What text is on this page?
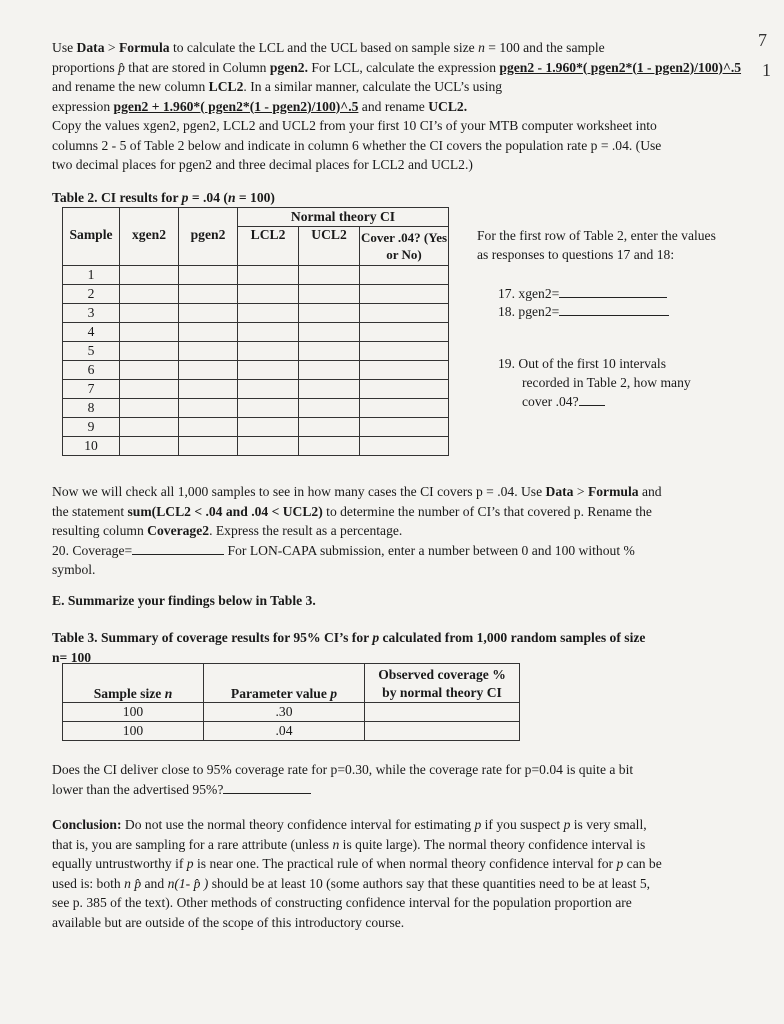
7
1
Use Data > Formula to calculate the LCL and the UCL based on sample size n = 100 and the sample
proportions p̂ that are stored in Column pgen2. For LCL, calculate the expression pgen2 - 1.960*( pgen2*(1 - pgen2)/100)^.5 and rename the new column LCL2. In a similar manner, calculate the UCL’s using
expression pgen2 + 1.960*( pgen2*(1 - pgen2)/100)^.5 and rename UCL2.
Copy the values xgen2, pgen2, LCL2 and UCL2 from your first 10 CI’s of your MTB computer worksheet into
columns 2 - 5 of Table 2 below and indicate in column 6 whether the CI covers the population rate p = .04. (Use
two decimal places for pgen2 and three decimal places for LCL2 and UCL2.)
Table 2. CI results for p = .04 (n = 100)
			Normal theory CI		
Sample	xgen2	pgen2	LCL2	UCL2	Cover .04? (Yes or No)
1					
2					
3					
4					
5					
6					
7					
8					
9					
10					
For the first row of Table 2, enter the values as responses to questions 17 and 18:
17. xgen2=
18. pgen2=
19. Out of the first 10 intervals
recorded in Table 2, how many
cover .04?
Now we will check all 1,000 samples to see in how many cases the CI covers p = .04. Use Data > Formula and
the statement sum(LCL2 < .04 and .04 < UCL2) to determine the number of CI’s that covered p. Rename the
resulting column Coverage2. Express the result as a percentage.
20. Coverage=	For LON-CAPA submission, enter a number between 0 and 100 without %
symbol.
E. Summarize your findings below in Table 3.
Table 3. Summary of coverage results for 95% CI’s for p calculated from 1,000 random samples of size
n= 100
Sample size n	Parameter value p	Observed coverage %
by normal theory CI

100	.30	
100	.04	
Does the CI deliver close to 95% coverage rate for p=0.30, while the coverage rate for p=0.04 is quite a bit
lower than the advertised 95%?
Conclusion: Do not use the normal theory confidence interval for estimating p if you suspect p is very small,
that is, you are sampling for a rare attribute (unless n is quite large). The normal theory confidence interval is
equally untrustworthy if p is near one. The practical rule of when normal theory confidence interval for p can be
used is: both n p̂ and n(1- p̂ ) should be at least 10 (some authors say that these quantities need to be at least 5,
see p. 385 of the text). Other methods of constructing confidence interval for the population proportion are
available but are outside of the scope of this introductory course.
